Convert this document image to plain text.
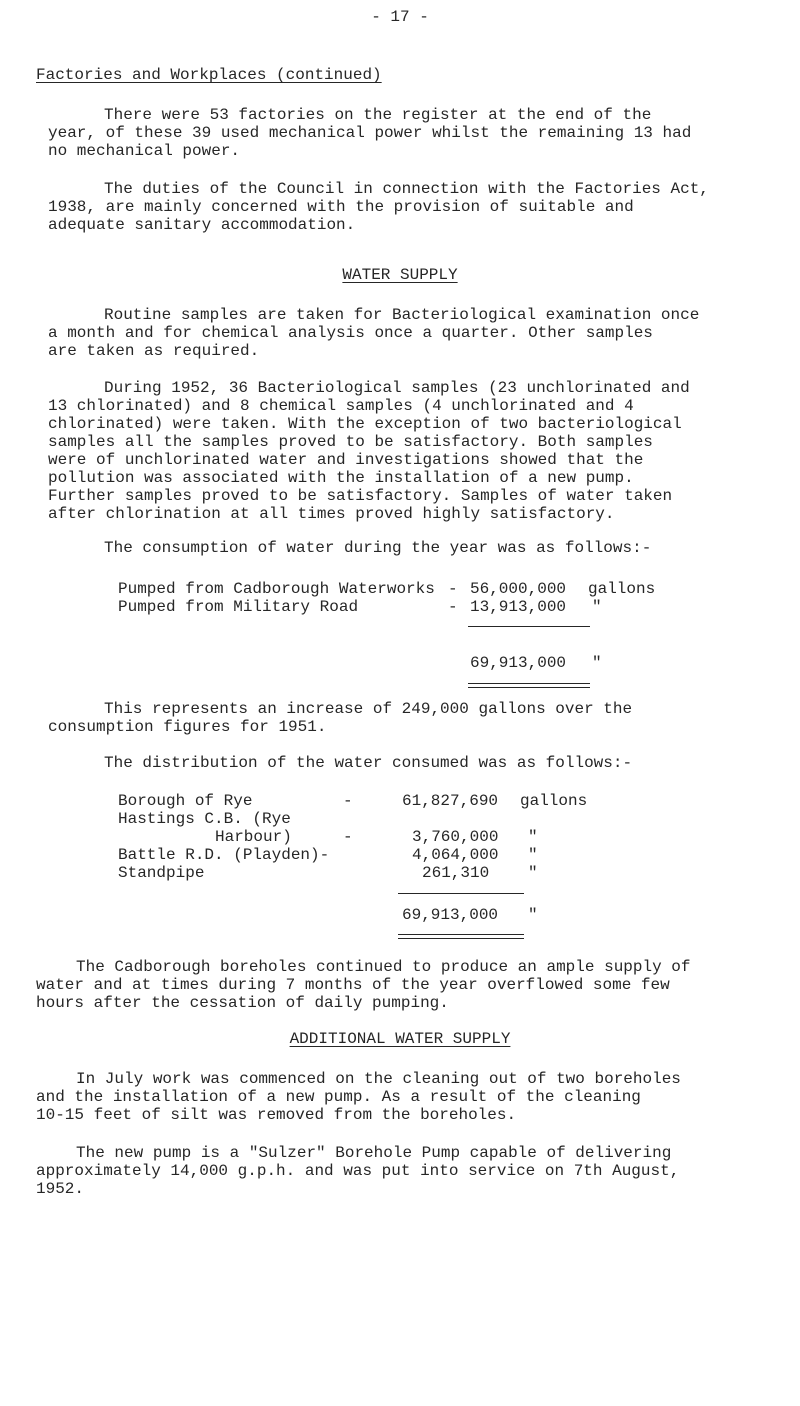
- 17 -
Factories and Workplaces (continued)
There were 53 factories on the register at the end of the
year, of these 39 used mechanical power whilst the remaining 13 had
no mechanical power.
The duties of the Council in connection with the Factories Act,
1938, are mainly concerned with the provision of suitable and
adequate sanitary accommodation.
WATER SUPPLY
Routine samples are taken for Bacteriological examination once
a month and for chemical analysis once a quarter. Other samples
are taken as required.
During 1952, 36 Bacteriological samples (23 unchlorinated and
13 chlorinated) and 8 chemical samples (4 unchlorinated and 4
chlorinated) were taken. With the exception of two bacteriological
samples all the samples proved to be satisfactory. Both samples
were of unchlorinated water and investigations showed that the
pollution was associated with the installation of a new pump.
Further samples proved to be satisfactory. Samples of water taken
after chlorination at all times proved highly satisfactory.
The consumption of water during the year was as follows:-
Pumped from Cadborough Waterworks - 56,000,000 gallons
Pumped from Military Road	- 13,913,000 "
69,913,000 "
This represents an increase of 249,000 gallons over the
consumption figures for 1951.
The distribution of the water consumed was as follows:-
Borough of Rye	-	61,827,690 gallons
Hastings C.B. (Rye
Harbour)	-	3,760,000 "
Battle R.D. (Playden)-	4,064,000 "
Standpipe	261,310 "
69,913,000 "
The Cadborough boreholes continued to produce an ample supply of
water and at times during 7 months of the year overflowed some few
hours after the cessation of daily pumping.
ADDITIONAL WATER SUPPLY
In July work was commenced on the cleaning out of two boreholes
and the installation of a new pump. As a result of the cleaning
10-15 feet of silt was removed from the boreholes.
The new pump is a "Sulzer" Borehole Pump capable of delivering
approximately 14,000 g.p.h. and was put into service on 7th August,
1952.
